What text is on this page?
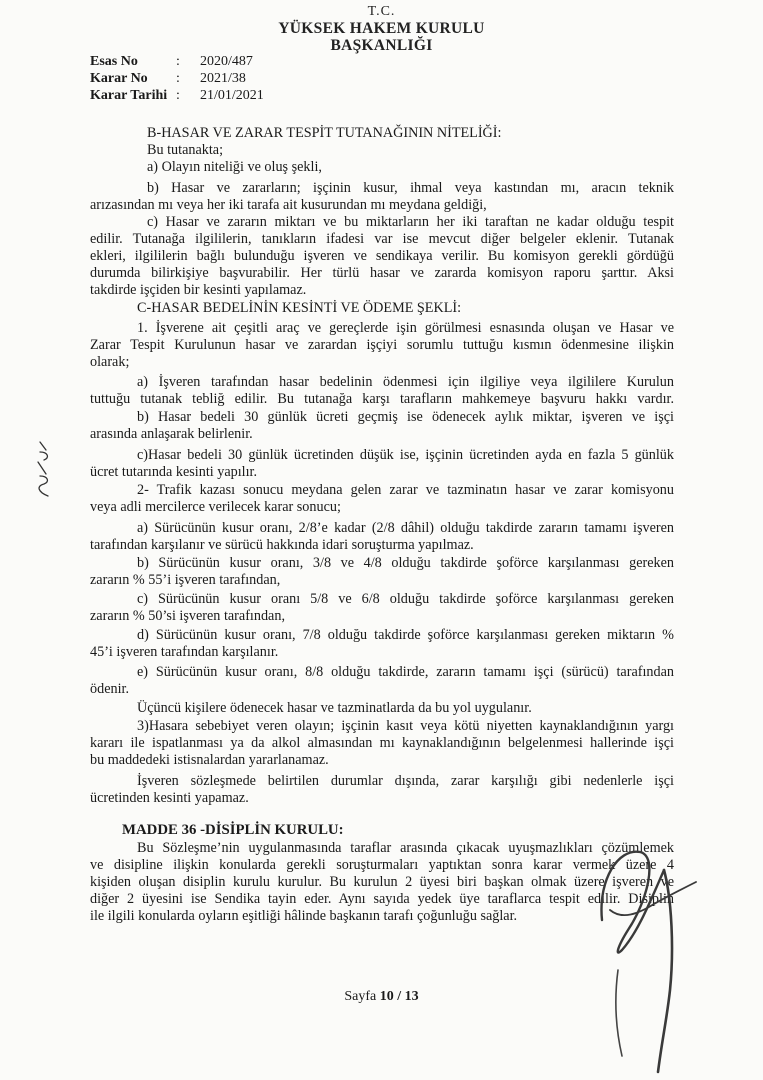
T.C.
YÜKSEK HAKEM KURULU
BAŞKANLIĞI
Esas No	:	2020/487
Karar No	:	2021/38
Karar Tarihi :	21/01/2021
B-HASAR VE ZARAR TESPİT TUTANAĞININ NİTELİĞİ:
Bu tutanakta;
a) Olayın niteliği ve oluş şekli,
b) Hasar ve zararların; işçinin kusur, ihmal veya kastından mı, aracın teknik
arızasından mı veya her iki tarafa ait kusurundan mı meydana geldiği,
c) Hasar ve zararın miktarı ve bu miktarların her iki taraftan ne kadar olduğu tespit
edilir. Tutanağa ilgililerin, tanıkların ifadesi var ise mevcut diğer belgeler eklenir. Tutanak
ekleri, ilgililerin bağlı bulunduğu işveren ve sendikaya verilir. Bu komisyon gerekli gördüğü
durumda bilirkişiye başvurabilir. Her türlü hasar ve zararda komisyon raporu şarttır. Aksi
takdirde işçiden bir kesinti yapılamaz.
C-HASAR BEDELİNİN KESİNTİ VE ÖDEME ŞEKLİ:
1. İşverene ait çeşitli araç ve gereçlerde işin görülmesi esnasında oluşan ve Hasar ve
Zarar Tespit Kurulunun hasar ve zarardan işçiyi sorumlu tuttuğu kısmın ödenmesine ilişkin
olarak;
a) İşveren tarafından hasar bedelinin ödenmesi için ilgiliye veya ilgililere Kurulun
tuttuğu tutanak tebliğ edilir. Bu tutanağa karşı tarafların mahkemeye başvuru hakkı vardır.
b) Hasar bedeli 30 günlük ücreti geçmiş ise ödenecek aylık miktar, işveren ve işçi
arasında anlaşarak belirlenir.
c)Hasar bedeli 30 günlük ücretinden düşük ise, işçinin ücretinden ayda en fazla 5 günlük
ücret tutarında kesinti yapılır.
2- Trafik kazası sonucu meydana gelen zarar ve tazminatın hasar ve zarar komisyonu
veya adli mercilerce verilecek karar sonucu;
a) Sürücünün kusur oranı, 2/8’e kadar (2/8 dâhil) olduğu takdirde zararın tamamı işveren
tarafından karşılanır ve sürücü hakkında idari soruşturma yapılmaz.
b) Sürücünün kusur oranı, 3/8 ve 4/8 olduğu takdirde şoförce karşılanması gereken
zararın % 55’i işveren tarafından,
c) Sürücünün kusur oranı 5/8 ve 6/8 olduğu takdirde şoförce karşılanması gereken
zararın % 50’si işveren tarafından,
d) Sürücünün kusur oranı, 7/8 olduğu takdirde şoförce karşılanması gereken miktarın %
45’i işveren tarafından karşılanır.
e) Sürücünün kusur oranı, 8/8 olduğu takdirde, zararın tamamı işçi (sürücü) tarafından
ödenir.
Üçüncü kişilere ödenecek hasar ve tazminatlarda da bu yol uygulanır.
3)Hasara sebebiyet veren olayın; işçinin kasıt veya kötü niyetten kaynaklandığının yargı
kararı ile ispatlanması ya da alkol almasından mı kaynaklandığının belgelenmesi hallerinde işçi
bu maddedeki istisnalardan yararlanamaz.
İşveren sözleşmede belirtilen durumlar dışında, zarar karşılığı gibi nedenlerle işçi
ücretinden kesinti yapamaz.
MADDE 36 -DİSİPLİN KURULU:
Bu Sözleşme’nin uygulanmasında taraflar arasında çıkacak uyuşmazlıkları çözümlemek
ve disipline ilişkin konularda gerekli soruşturmaları yaptıktan sonra karar vermek üzere 4
kişiden oluşan disiplin kurulu kurulur. Bu kurulun 2 üyesi biri başkan olmak üzere işveren ve
diğer 2 üyesini ise Sendika tayin eder. Aynı sayıda yedek üye taraflarca tespit edilir. Disiplin
ile ilgili konularda oyların eşitliği hâlinde başkanın tarafı çoğunluğu sağlar.
Sayfa 10 / 13
